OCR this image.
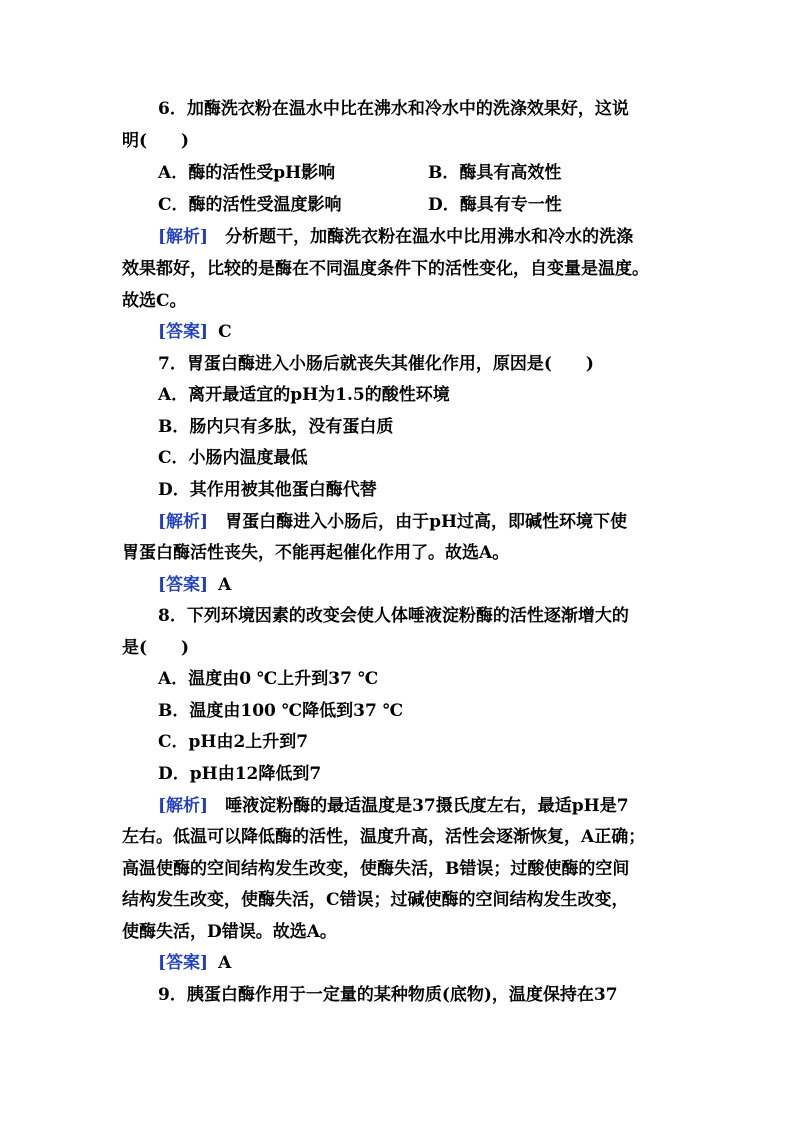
6．加酶洗衣粉在温水中比在沸水和冷水中的洗涤效果好，这说
明(　　)
A．酶的活性受pH影响	B．酶具有高效性
C．酶的活性受温度影响	D．酶具有专一性
[解析]　分析题干，加酶洗衣粉在温水中比用沸水和冷水的洗涤
效果都好，比较的是酶在不同温度条件下的活性变化，自变量是温度。
故选C。
[答案] C
7．胃蛋白酶进入小肠后就丧失其催化作用，原因是(　　)
A．离开最适宜的pH为1.5的酸性环境
B．肠内只有多肽，没有蛋白质
C．小肠内温度最低
D．其作用被其他蛋白酶代替
[解析]　胃蛋白酶进入小肠后，由于pH过高，即碱性环境下使
胃蛋白酶活性丧失，不能再起催化作用了。故选A。
[答案] A
8．下列环境因素的改变会使人体唾液淀粉酶的活性逐渐增大的
是(　　)
A．温度由0 ℃上升到37 ℃
B．温度由100 ℃降低到37 ℃
C．pH由2上升到7
D．pH由12降低到7
[解析]　唾液淀粉酶的最适温度是37摄氏度左右，最适pH是7
左右。低温可以降低酶的活性，温度升高，活性会逐渐恢复，A正确；
高温使酶的空间结构发生改变，使酶失活，B错误；过酸使酶的空间
结构发生改变，使酶失活，C错误；过碱使酶的空间结构发生改变，
使酶失活，D错误。故选A。
[答案] A
9．胰蛋白酶作用于一定量的某种物质(底物)，温度保持在37
